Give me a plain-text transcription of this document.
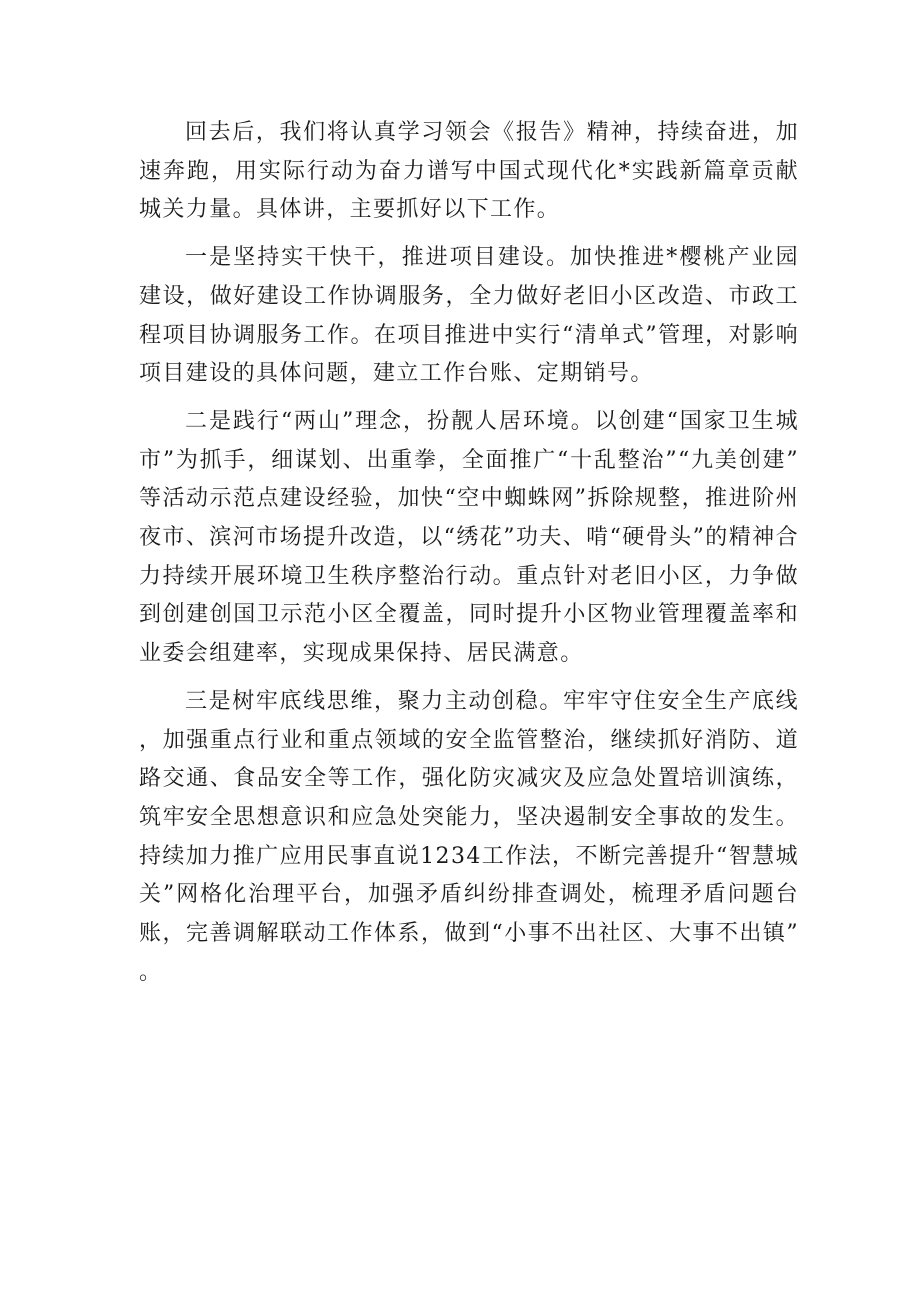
回去后，我们将认真学习领会《报告》精神，持续奋进，加速奔跑，用实际行动为奋力谱写中国式现代化*实践新篇章贡献城关力量。具体讲，主要抓好以下工作。

一是坚持实干快干，推进项目建设。加快推进*樱桃产业园建设，做好建设工作协调服务，全力做好老旧小区改造、市政工程项目协调服务工作。在项目推进中实行“清单式”管理，对影响项目建设的具体问题，建立工作台账、定期销号。

二是践行“两山”理念，扮靓人居环境。以创建“国家卫生城市”为抓手，细谋划、出重拳，全面推广“十乱整治”“九美创建”等活动示范点建设经验，加快“空中蜘蛛网”拆除规整，推进阶州夜市、滨河市场提升改造，以“绣花”功夫、啃“硬骨头”的精神合力持续开展环境卫生秩序整治行动。重点针对老旧小区，力争做到创建创国卫示范小区全覆盖，同时提升小区物业管理覆盖率和业委会组建率，实现成果保持、居民满意。

三是树牢底线思维，聚力主动创稳。牢牢守住安全生产底线，加强重点行业和重点领域的安全监管整治，继续抓好消防、道路交通、食品安全等工作，强化防灾减灾及应急处置培训演练，筑牢安全思想意识和应急处突能力，坚决遏制安全事故的发生。持续加力推广应用民事直说1234工作法，不断完善提升“智慧城关”网格化治理平台，加强矛盾纠纷排查调处，梳理矛盾问题台账，完善调解联动工作体系，做到“小事不出社区、大事不出镇”。
